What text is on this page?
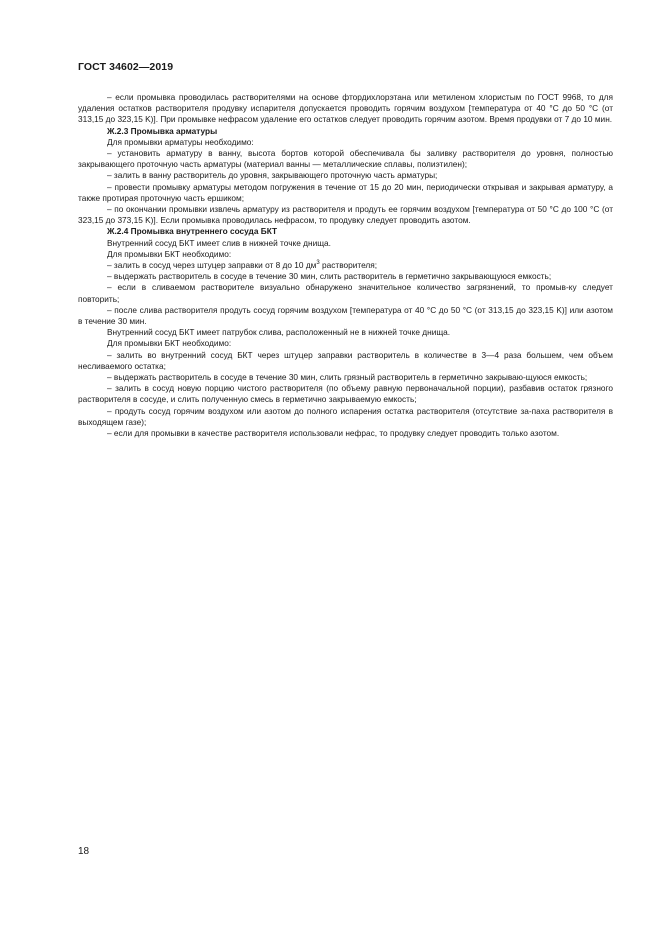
ГОСТ 34602—2019

– если промывка проводилась растворителями на основе фтордихлорэтана или метиленом хлористым по ГОСТ 9968, то для удаления остатков растворителя продувку испарителя допускается проводить горячим воздухом [температура от 40 °С до 50 °С (от 313,15 до 323,15 K)]. При промывке нефрасом удаление его остатков следует проводить горячим азотом. Время продувки от 7 до 10 мин.

Ж.2.3 Промывка арматуры

Для промывки арматуры необходимо:

– установить арматуру в ванну, высота бортов которой обеспечивала бы заливку растворителя до уровня, полностью закрывающего проточную часть арматуры (материал ванны — металлические сплавы, полиэтилен);

– залить в ванну растворитель до уровня, закрывающего проточную часть арматуры;

– провести промывку арматуры методом погружения в течение от 15 до 20 мин, периодически открывая и закрывая арматуру, а также протирая проточную часть ершиком;

– по окончании промывки извлечь арматуру из растворителя и продуть ее горячим воздухом [температура от 50 °С до 100 °С (от 323,15 до 373,15 K)]. Если промывка проводилась нефрасом, то продувку следует проводить азотом.

Ж.2.4 Промывка внутреннего сосуда БКТ

Внутренний сосуд БКТ имеет слив в нижней точке днища.

Для промывки БКТ необходимо:

– залить в сосуд через штуцер заправки от 8 до 10 $дм^3$ растворителя;

– выдержать растворитель в сосуде в течение 30 мин, слить растворитель в герметично закрывающуюся емкость;

– если в сливаемом растворителе визуально обнаружено значительное количество загрязнений, то промыв-ку следует повторить;

– после слива растворителя продуть сосуд горячим воздухом [температура от 40 °С до 50 °С (от 313,15 до 323,15 K)] или азотом в течение 30 мин.

Внутренний сосуд БКТ имеет патрубок слива, расположенный не в нижней точке днища.

Для промывки БКТ необходимо:

– залить во внутренний сосуд БКТ через штуцер заправки растворитель в количестве в 3—4 раза большем, чем объем несливаемого остатка;

– выдержать растворитель в сосуде в течение 30 мин, слить грязный растворитель в герметично закрываю-щуюся емкость;

– залить в сосуд новую порцию чистого растворителя (по объему равную первоначальной порции), разбавив остаток грязного растворителя в сосуде, и слить полученную смесь в герметично закрываемую емкость;

– продуть сосуд горячим воздухом или азотом до полного испарения остатка растворителя (отсутствие за-паха растворителя в выходящем газе);

– если для промывки в качестве растворителя использовали нефрас, то продувку следует проводить только азотом.

18
